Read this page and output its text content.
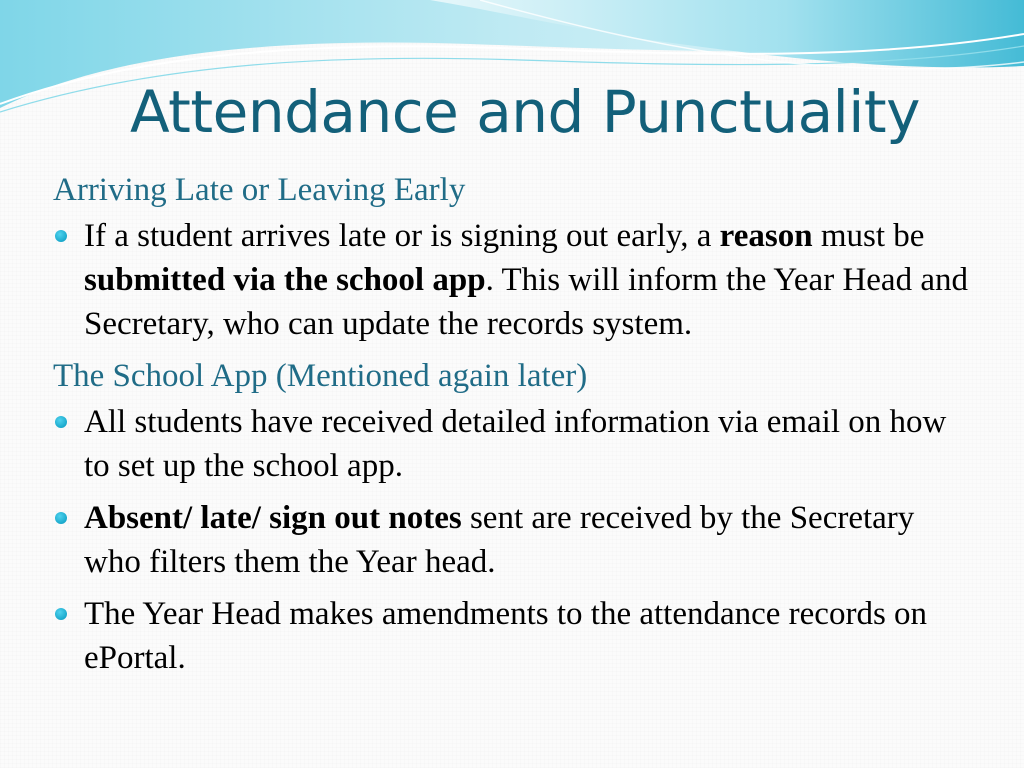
Attendance and Punctuality
Arriving Late or Leaving Early
If a student arrives late or is signing out early, a reason must be submitted via the school app. This will inform the Year Head and Secretary, who can update the records system.
The School App (Mentioned again later)
All students have received detailed information via email on how to set up the school app.
Absent/ late/ sign out notes sent are received by the Secretary who filters them the Year head.
The Year Head makes amendments to the attendance records on ePortal.
